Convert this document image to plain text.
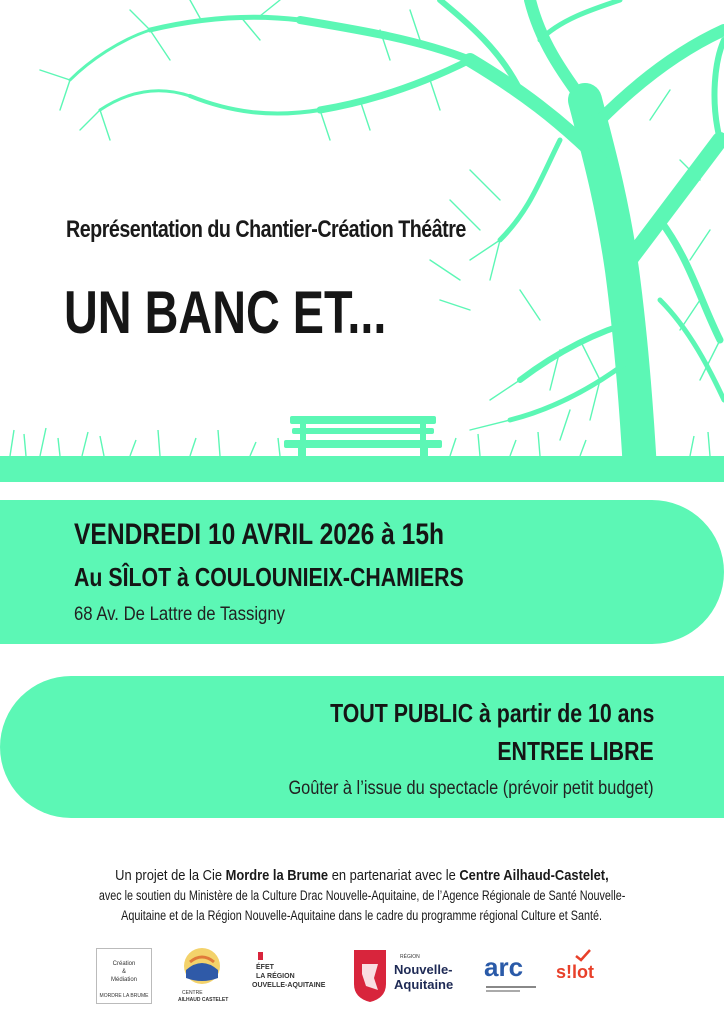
Représentation du Chantier-Création Théâtre
UN BANC ET...
VENDREDI 10 AVRIL 2026 à 15h
Au SÎLOT à COULOUNIEIX-CHAMIERS
68 Av. De Lattre de Tassigny
TOUT PUBLIC à partir de 10 ans
ENTREE LIBRE
Goûter à l’issue du spectacle (prévoir petit budget)
Un projet de la Cie Mordre la Brume en partenariat avec le Centre Ailhaud-Castelet,
avec le soutien du Ministère de la Culture Drac Nouvelle-Aquitaine, de l’Agence Régionale de Santé Nouvelle-
Aquitaine et de la Région Nouvelle-Aquitaine dans le cadre du programme régional Culture et Santé.
Création
&
Médiation
MORDRE LA BRUME	CENTRE
AILHAUD CASTELET
ÉFET
LA RÉGION
OUVELLE-AQUITAINE
RÉGION
Nouvelle-
Aquitaine
arc s!lot
